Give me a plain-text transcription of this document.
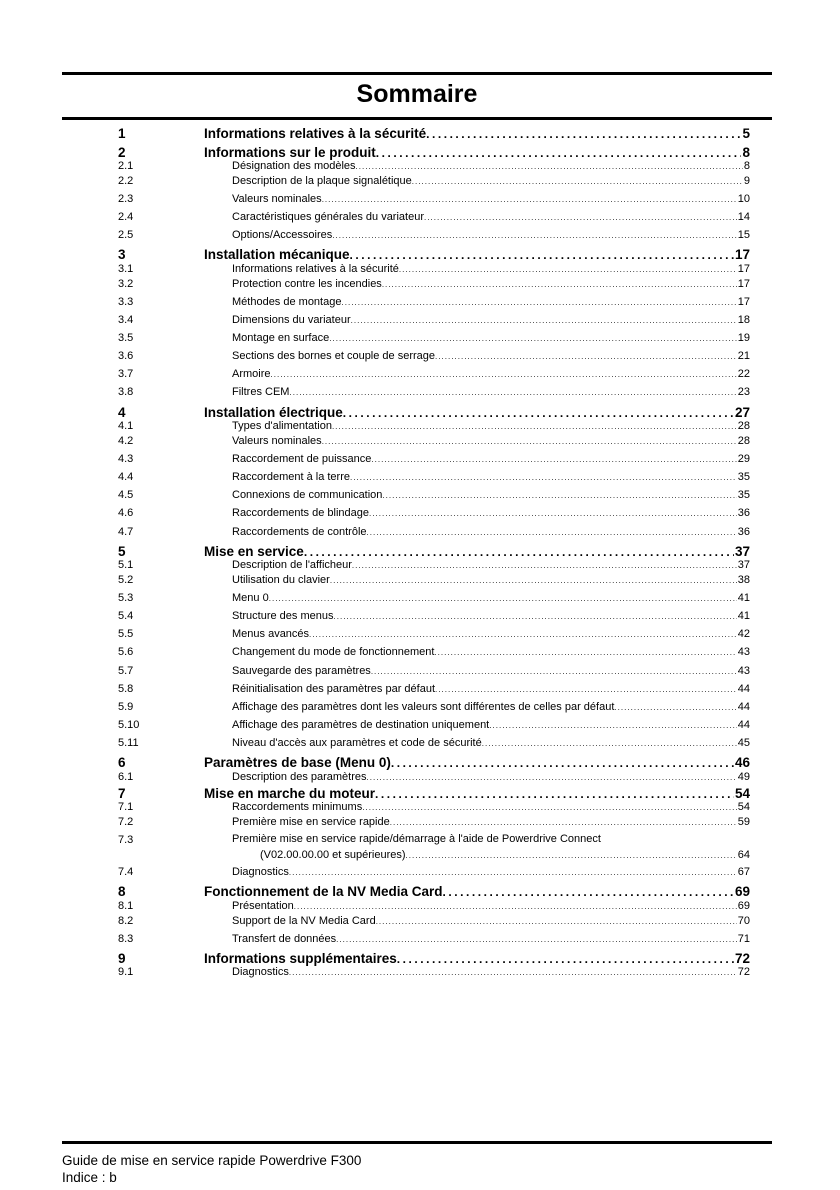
Sommaire
1	Informations relatives à la sécurité . . .	5
2	Informations sur le produit . . .	8
2.1	Désignation des modèles . . .	8
2.2	Description de la plaque signalétique . . .	9
2.3	Valeurs nominales . . .	10
2.4	Caractéristiques générales du variateur . . .	14
2.5	Options/Accessoires . . .	15
3	Installation mécanique . . .	17
3.1	Informations relatives à la sécurité . . .	17
3.2	Protection contre les incendies . . .	17
3.3	Méthodes de montage . . .	17
3.4	Dimensions du variateur . . .	18
3.5	Montage en surface . . .	19
3.6	Sections des bornes et couple de serrage . . .	21
3.7	Armoire . . .	22
3.8	Filtres CEM . . .	23
4	Installation électrique . . .	27
4.1	Types d'alimentation . . .	28
4.2	Valeurs nominales . . .	28
4.3	Raccordement de puissance . . .	29
4.4	Raccordement à la terre . . .	35
4.5	Connexions de communication . . .	35
4.6	Raccordements de blindage . . .	36
4.7	Raccordements de contrôle . . .	36
5	Mise en service . . .	37
5.1	Description de l'afficheur . . .	37
5.2	Utilisation du clavier . . .	38
5.3	Menu 0 . . .	41
5.4	Structure des menus . . .	41
5.5	Menus avancés . . .	42
5.6	Changement du mode de fonctionnement . . .	43
5.7	Sauvegarde des paramètres . . .	43
5.8	Réinitialisation des paramètres par défaut . . .	44
5.9	Affichage des paramètres dont les valeurs sont différentes de celles par défaut . . .	44
5.10	Affichage des paramètres de destination uniquement . . .	44
5.11	Niveau d'accès aux paramètres et code de sécurité . . .	45
6	Paramètres de base (Menu 0) . . .	46
6.1	Description des paramètres . . .	49
7	Mise en marche du moteur . . .	54
7.1	Raccordements minimums . . .	54
7.2	Première mise en service rapide . . .	59
7.3	Première mise en service rapide/démarrage à l'aide de Powerdrive Connect
(V02.00.00.00 et supérieures) . . .	64
7.4	Diagnostics . . .	67
8	Fonctionnement de la NV Media Card . . .	69
8.1	Présentation . . .	69
8.2	Support de la NV Media Card . . .	70
8.3	Transfert de données . . .	71
9	Informations supplémentaires . . .	72
9.1	Diagnostics . . .	72
Guide de mise en service rapide Powerdrive F300
Indice : b
